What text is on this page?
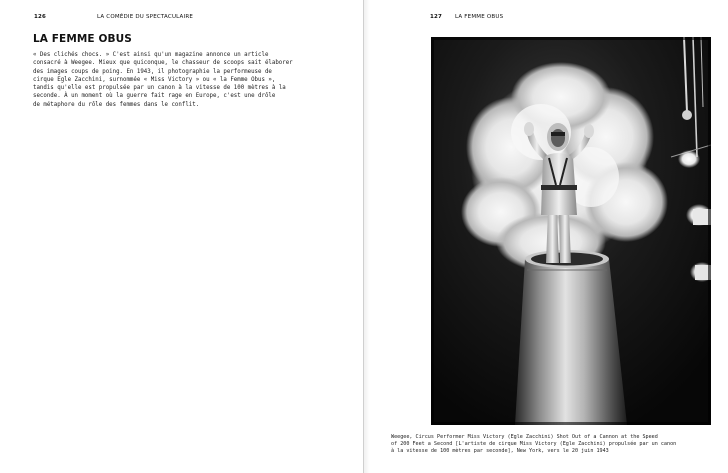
126	LA COMÉDIE DU SPECTACULAIRE
LA FEMME OBUS

« Des clichés chocs. » C'est ainsi qu'un magazine annonce un article
consacré à Weegee. Mieux que quiconque, le chasseur de scoops sait élaborer
des images coups de poing. En 1943, il photographie la performeuse de
cirque Egle Zacchini, surnommée « Miss Victory » ou « la Femme Obus »,
tandis qu'elle est propulsée par un canon à la vitesse de 100 mètres à la
seconde. À un moment où la guerre fait rage en Europe, c'est une drôle
de métaphore du rôle des femmes dans le conflit.

127 LA FEMME OBUS

Weegee, Circus Performer Miss Victory (Egle Zacchini) Shot Out of a Cannon at the Speed
of 200 Feet a Second [L'artiste de cirque Miss Victory (Egle Zacchini) propulsée par un canon
à la vitesse de 100 mètres par seconde], New York, vers le 20 juin 1943
